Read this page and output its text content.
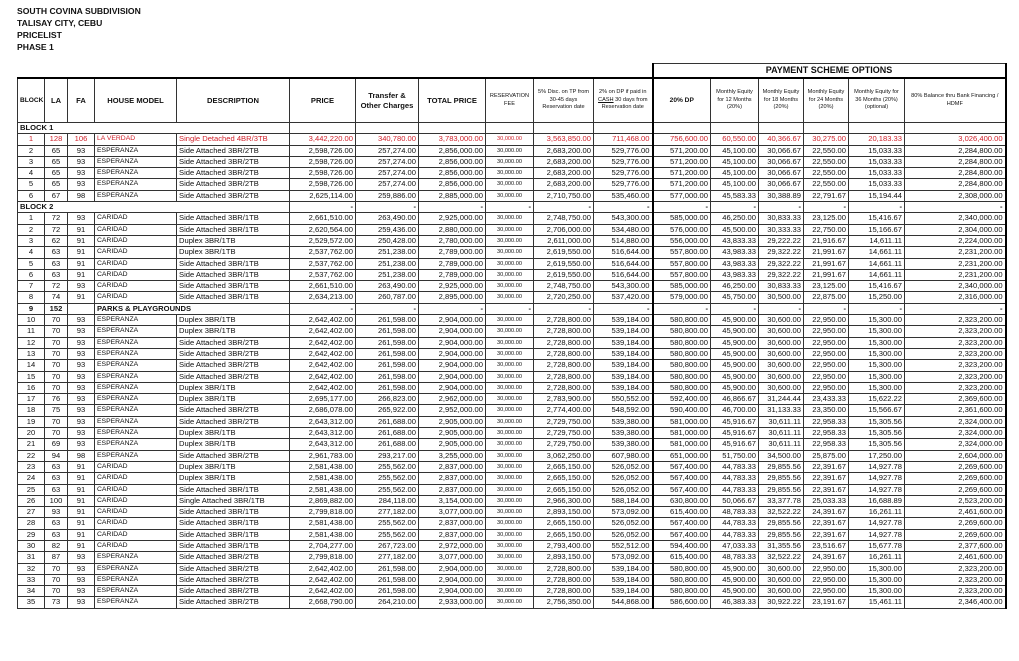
SOUTH COVINA SUBDIVISION
TALISAY CITY, CEBU
PRICELIST
PHASE 1
											PAYMENT SCHEME OPTIONS					
BLOCK	LA	FA	HOUSE MODEL	DESCRIPTION	PRICE	Transfer & Other Charges	TOTAL PRICE	RESERVATION FEE	5% Disc. on TP from 30-45 days Reservation date	2% on DP if paid in CASH 30 days from Reservation date	20% DP	Monthly Equity for 12 Months (20%)	Monthly Equity for 18 Months (20%)	Monthly Equity for 24 Months (20%)	Monthly Equity for 36 Months (20%) (optional)	80% Balance thru Bank Financing / HDMF
BLOCK 1																
1	128	106	LA VERDAD	Single Detached 4BR/3TB	3,442,220.00	340,780.00	3,783,000.00	30,000.00	3,563,850.00	711,468.00	756,600.00	60,550.00	40,366.67	30,275.00	20,183.33	3,026,400.00
2	65	93	ESPERANZA	Side Attached 3BR/2TB	2,598,726.00	257,274.00	2,856,000.00	30,000.00	2,683,200.00	529,776.00	571,200.00	45,100.00	30,066.67	22,550.00	15,033.33	2,284,800.00
3	65	93	ESPERANZA	Side Attached 3BR/2TB	2,598,726.00	257,274.00	2,856,000.00	30,000.00	2,683,200.00	529,776.00	571,200.00	45,100.00	30,066.67	22,550.00	15,033.33	2,284,800.00
4	65	93	ESPERANZA	Side Attached 3BR/2TB	2,598,726.00	257,274.00	2,856,000.00	30,000.00	2,683,200.00	529,776.00	571,200.00	45,100.00	30,066.67	22,550.00	15,033.33	2,284,800.00
5	65	93	ESPERANZA	Side Attached 3BR/2TB	2,598,726.00	257,274.00	2,856,000.00	30,000.00	2,683,200.00	529,776.00	571,200.00	45,100.00	30,066.67	22,550.00	15,033.33	2,284,800.00
6	67	98	ESPERANZA	Side Attached 3BR/2TB	2,625,114.00	259,886.00	2,885,000.00	30,000.00	2,710,750.00	535,460.00	577,000.00	45,583.33	30,388.89	22,791.67	15,194.44	2,308,000.00
BLOCK 2					-	-	-	-	-	-	-	-	-	-	-	-
1	72	93	CARIDAD	Side Attached 3BR/1TB	2,661,510.00	263,490.00	2,925,000.00	30,000.00	2,748,750.00	543,300.00	585,000.00	46,250.00	30,833.33	23,125.00	15,416.67	2,340,000.00
2	72	91	CARIDAD	Side Attached 3BR/1TB	2,620,564.00	259,436.00	2,880,000.00	30,000.00	2,706,000.00	534,480.00	576,000.00	45,500.00	30,333.33	22,750.00	15,166.67	2,304,000.00
3	62	91	CARIDAD	Duplex 3BR/1TB	2,529,572.00	250,428.00	2,780,000.00	30,000.00	2,611,000.00	514,880.00	556,000.00	43,833.33	29,222.22	21,916.67	14,611.11	2,224,000.00
4	63	91	CARIDAD	Duplex 3BR/1TB	2,537,762.00	251,238.00	2,789,000.00	30,000.00	2,619,550.00	516,644.00	557,800.00	43,983.33	29,322.22	21,991.67	14,661.11	2,231,200.00
5	63	91	CARIDAD	Side Attached 3BR/1TB	2,537,762.00	251,238.00	2,789,000.00	30,000.00	2,619,550.00	516,644.00	557,800.00	43,983.33	29,322.22	21,991.67	14,661.11	2,231,200.00
6	63	91	CARIDAD	Side Attached 3BR/1TB	2,537,762.00	251,238.00	2,789,000.00	30,000.00	2,619,550.00	516,644.00	557,800.00	43,983.33	29,322.22	21,991.67	14,661.11	2,231,200.00
7	72	93	CARIDAD	Side Attached 3BR/1TB	2,661,510.00	263,490.00	2,925,000.00	30,000.00	2,748,750.00	543,300.00	585,000.00	46,250.00	30,833.33	23,125.00	15,416.67	2,340,000.00
8	74	91	CARIDAD	Side Attached 3BR/1TB	2,634,213.00	260,787.00	2,895,000.00	30,000.00	2,720,250.00	537,420.00	579,000.00	45,750.00	30,500.00	22,875.00	15,250.00	2,316,000.00
9	152		PARKS & PLAYGROUNDS		-	-	-	-	-	-	-	-	-	-	-	-
10	70	93	ESPERANZA	Duplex 3BR/1TB	2,642,402.00	261,598.00	2,904,000.00	30,000.00	2,728,800.00	539,184.00	580,800.00	45,900.00	30,600.00	22,950.00	15,300.00	2,323,200.00
11	70	93	ESPERANZA	Duplex 3BR/1TB	2,642,402.00	261,598.00	2,904,000.00	30,000.00	2,728,800.00	539,184.00	580,800.00	45,900.00	30,600.00	22,950.00	15,300.00	2,323,200.00
12	70	93	ESPERANZA	Side Attached 3BR/2TB	2,642,402.00	261,598.00	2,904,000.00	30,000.00	2,728,800.00	539,184.00	580,800.00	45,900.00	30,600.00	22,950.00	15,300.00	2,323,200.00
13	70	93	ESPERANZA	Side Attached 3BR/2TB	2,642,402.00	261,598.00	2,904,000.00	30,000.00	2,728,800.00	539,184.00	580,800.00	45,900.00	30,600.00	22,950.00	15,300.00	2,323,200.00
14	70	93	ESPERANZA	Side Attached 3BR/2TB	2,642,402.00	261,598.00	2,904,000.00	30,000.00	2,728,800.00	539,184.00	580,800.00	45,900.00	30,600.00	22,950.00	15,300.00	2,323,200.00
15	70	93	ESPERANZA	Side Attached 3BR/2TB	2,642,402.00	261,598.00	2,904,000.00	30,000.00	2,728,800.00	539,184.00	580,800.00	45,900.00	30,600.00	22,950.00	15,300.00	2,323,200.00
16	70	93	ESPERANZA	Duplex 3BR/1TB	2,642,402.00	261,598.00	2,904,000.00	30,000.00	2,728,800.00	539,184.00	580,800.00	45,900.00	30,600.00	22,950.00	15,300.00	2,323,200.00
17	76	93	ESPERANZA	Duplex 3BR/1TB	2,695,177.00	266,823.00	2,962,000.00	30,000.00	2,783,900.00	550,552.00	592,400.00	46,866.67	31,244.44	23,433.33	15,622.22	2,369,600.00
18	75	93	ESPERANZA	Side Attached 3BR/2TB	2,686,078.00	265,922.00	2,952,000.00	30,000.00	2,774,400.00	548,592.00	590,400.00	46,700.00	31,133.33	23,350.00	15,566.67	2,361,600.00
19	70	93	ESPERANZA	Side Attached 3BR/2TB	2,643,312.00	261,688.00	2,905,000.00	30,000.00	2,729,750.00	539,380.00	581,000.00	45,916.67	30,611.11	22,958.33	15,305.56	2,324,000.00
20	70	93	ESPERANZA	Duplex 3BR/1TB	2,643,312.00	261,688.00	2,905,000.00	30,000.00	2,729,750.00	539,380.00	581,000.00	45,916.67	30,611.11	22,958.33	15,305.56	2,324,000.00
21	69	93	ESPERANZA	Duplex 3BR/1TB	2,643,312.00	261,688.00	2,905,000.00	30,000.00	2,729,750.00	539,380.00	581,000.00	45,916.67	30,611.11	22,958.33	15,305.56	2,324,000.00
22	94	98	ESPERANZA	Side Attached 3BR/2TB	2,961,783.00	293,217.00	3,255,000.00	30,000.00	3,062,250.00	607,980.00	651,000.00	51,750.00	34,500.00	25,875.00	17,250.00	2,604,000.00
23	63	91	CARIDAD	Duplex 3BR/1TB	2,581,438.00	255,562.00	2,837,000.00	30,000.00	2,665,150.00	526,052.00	567,400.00	44,783.33	29,855.56	22,391.67	14,927.78	2,269,600.00
24	63	91	CARIDAD	Duplex 3BR/1TB	2,581,438.00	255,562.00	2,837,000.00	30,000.00	2,665,150.00	526,052.00	567,400.00	44,783.33	29,855.56	22,391.67	14,927.78	2,269,600.00
25	63	91	CARIDAD	Side Attached 3BR/1TB	2,581,438.00	255,562.00	2,837,000.00	30,000.00	2,665,150.00	526,052.00	567,400.00	44,783.33	29,855.56	22,391.67	14,927.78	2,269,600.00
26	100	91	CARIDAD	Single Attached 3BR/1TB	2,869,882.00	284,118.00	3,154,000.00	30,000.00	2,966,300.00	588,184.00	630,800.00	50,066.67	33,377.78	25,033.33	16,688.89	2,523,200.00
27	93	91	CARIDAD	Side Attached 3BR/1TB	2,799,818.00	277,182.00	3,077,000.00	30,000.00	2,893,150.00	573,092.00	615,400.00	48,783.33	32,522.22	24,391.67	16,261.11	2,461,600.00
28	63	91	CARIDAD	Side Attached 3BR/1TB	2,581,438.00	255,562.00	2,837,000.00	30,000.00	2,665,150.00	526,052.00	567,400.00	44,783.33	29,855.56	22,391.67	14,927.78	2,269,600.00
29	63	91	CARIDAD	Side Attached 3BR/1TB	2,581,438.00	255,562.00	2,837,000.00	30,000.00	2,665,150.00	526,052.00	567,400.00	44,783.33	29,855.56	22,391.67	14,927.78	2,269,600.00
30	82	91	CARIDAD	Side Attached 3BR/1TB	2,704,277.00	267,723.00	2,972,000.00	30,000.00	2,793,400.00	552,512.00	594,400.00	47,033.33	31,355.56	23,516.67	15,677.78	2,377,600.00
31	87	93	ESPERANZA	Side Attached 3BR/2TB	2,799,818.00	277,182.00	3,077,000.00	30,000.00	2,893,150.00	573,092.00	615,400.00	48,783.33	32,522.22	24,391.67	16,261.11	2,461,600.00
32	70	93	ESPERANZA	Side Attached 3BR/2TB	2,642,402.00	261,598.00	2,904,000.00	30,000.00	2,728,800.00	539,184.00	580,800.00	45,900.00	30,600.00	22,950.00	15,300.00	2,323,200.00
33	70	93	ESPERANZA	Side Attached 3BR/2TB	2,642,402.00	261,598.00	2,904,000.00	30,000.00	2,728,800.00	539,184.00	580,800.00	45,900.00	30,600.00	22,950.00	15,300.00	2,323,200.00
34	70	93	ESPERANZA	Side Attached 3BR/2TB	2,642,402.00	261,598.00	2,904,000.00	30,000.00	2,728,800.00	539,184.00	580,800.00	45,900.00	30,600.00	22,950.00	15,300.00	2,323,200.00
35	73	93	ESPERANZA	Side Attached 3BR/2TB	2,668,790.00	264,210.00	2,933,000.00	30,000.00	2,756,350.00	544,868.00	586,600.00	46,383.33	30,922.22	23,191.67	15,461.11	2,346,400.00
